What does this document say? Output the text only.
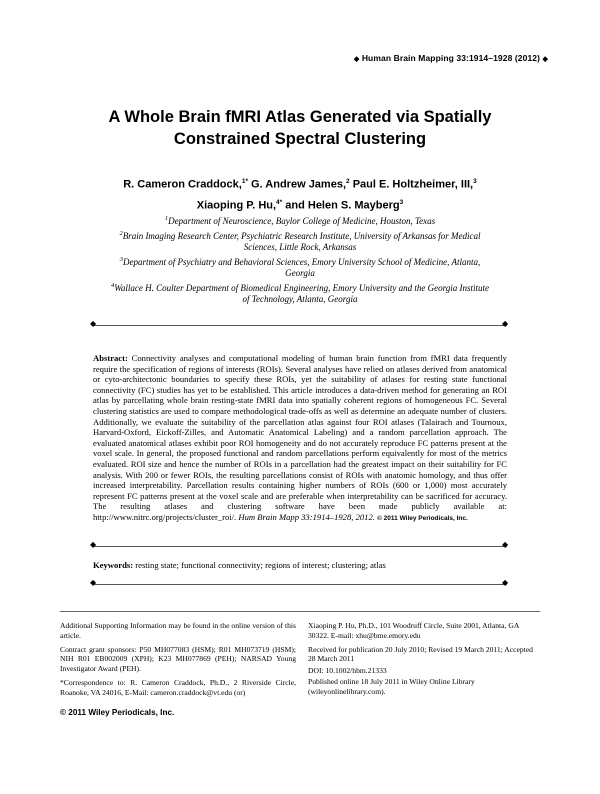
◆ Human Brain Mapping 33:1914–1928 (2012) ◆
A Whole Brain fMRI Atlas Generated via Spatially
Constrained Spectral Clustering
R. Cameron Craddock,$^{1*}$ G. Andrew James,$^2$ Paul E. Holtzheimer, III,$^3$
Xiaoping P. Hu,$^{4*}$ and Helen S. Mayberg$^3$
$^1$Department of Neuroscience, Baylor College of Medicine, Houston, Texas
$^2$Brain Imaging Research Center, Psychiatric Research Institute, University of Arkansas for Medical Sciences, Little Rock, Arkansas
$^3$Department of Psychiatry and Behavioral Sciences, Emory University School of Medicine, Atlanta, Georgia
$^4$Wallace H. Coulter Department of Biomedical Engineering, Emory University and the Georgia Institute of Technology, Atlanta, Georgia
◆	◆
Abstract: Connectivity analyses and computational modeling of human brain function from fMRI data frequently require the specification of regions of interests (ROIs). Several analyses have relied on atlases derived from anatomical or cyto-architectonic boundaries to specify these ROIs, yet the suitability of atlases for resting state functional connectivity (FC) studies has yet to be established. This article introduces a data-driven method for generating an ROI atlas by parcellating whole brain resting-state fMRI data into spatially coherent regions of homogeneous FC. Several clustering statistics are used to compare methodological trade-offs as well as determine an adequate number of clusters. Additionally, we evaluate the suitability of the parcellation atlas against four ROI atlases (Talairach and Tournoux, Harvard-Oxford, Eickoff-Zilles, and Automatic Anatomical Labeling) and a random parcellation approach. The evaluated anatomical atlases exhibit poor ROI homogeneity and do not accurately reproduce FC patterns present at the voxel scale. In general, the proposed functional and random parcellations perform equivalently for most of the metrics evaluated. ROI size and hence the number of ROIs in a parcellation had the greatest impact on their suitability for FC analysis. With 200 or fewer ROIs, the resulting parcellations consist of ROIs with anatomic homology, and thus offer increased interpretability. Parcellation results containing higher numbers of ROIs (600 or 1,000) most accurately represent FC patterns present at the voxel scale and are preferable when interpretability can be sacrificed for accuracy. The resulting atlases and clustering software have been made publicly available at: http://www.nitrc.org/projects/cluster_roi/. Hum Brain Mapp 33:1914–1928, 2012. © 2011 Wiley Periodicals, Inc.
◆	◆
Keywords: resting state; functional connectivity; regions of interest; clustering; atlas
◆	◆

Additional Supporting Information may be found in the online version of this article.

Contract grant sponsors: P50 MH077083 (HSM); R01 MH073719 (HSM); NIH R01 EB002009 (XPH); K23 MH077869 (PEH); NARSAD Young Investigator Award (PEH).

*Correspondence to: R. Cameron Craddock, Ph.D., 2 Riverside Circle, Roanoke, VA 24016, E-Mail: cameron.craddock@vt.edu (or)

Xiaoping P. Hu, Ph.D., 101 Woodruff Circle, Suite 2001, Atlanta, GA 30322. E-mail: xhu@bme.emory.edu

Received for publication 20 July 2010; Revised 19 March 2011; Accepted 28 March 2011

DOI: 10.1002/hbm.21333

Published online 18 July 2011 in Wiley Online Library (wileyonlinelibrary.com).

© 2011 Wiley Periodicals, Inc.
